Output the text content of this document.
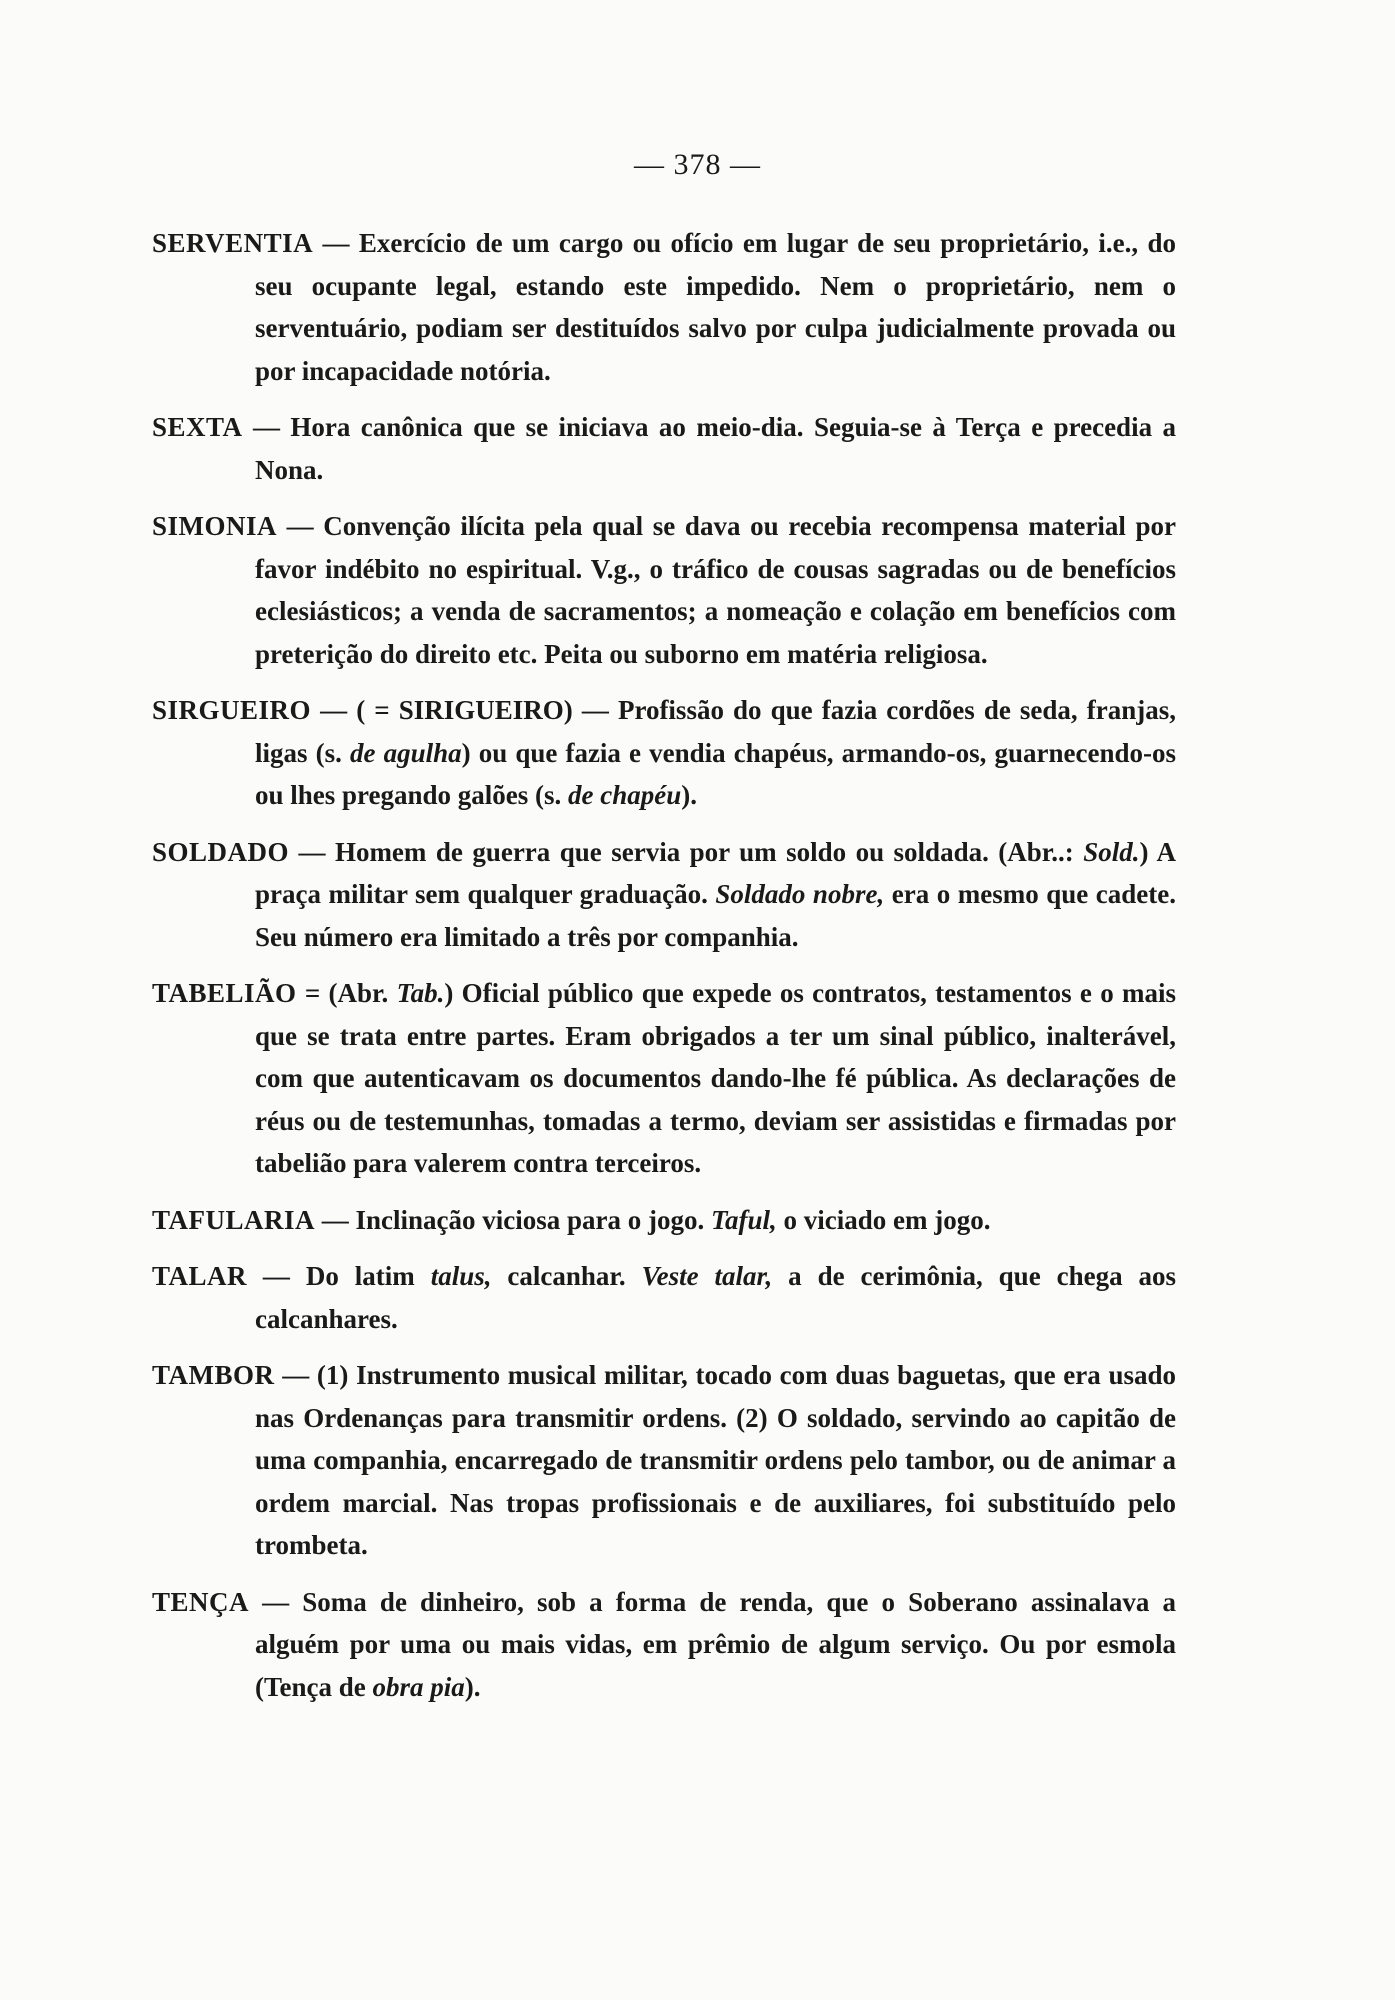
— 378 —

SERVENTIA — Exercício de um cargo ou ofício em lugar de seu proprietário, i.e., do seu ocupante legal, estando este impedido. Nem o proprietário, nem o serventuário, podiam ser destituídos salvo por culpa judicialmente provada ou por incapacidade notória.

SEXTA — Hora canônica que se iniciava ao meio-dia. Seguia-se à Terça e precedia a Nona.

SIMONIA — Convenção ilícita pela qual se dava ou recebia recompensa material por favor indébito no espiritual. V.g., o tráfico de cousas sagradas ou de benefícios eclesiásticos; a venda de sacramentos; a nomeação e colação em benefícios com preterição do direito etc. Peita ou suborno em matéria religiosa.

SIRGUEIRO — ( = SIRIGUEIRO) — Profissão do que fazia cordões de seda, franjas, ligas (s. de agulha) ou que fazia e vendia chapéus, armando-os, guarnecendo-os ou lhes pregando galões (s. de chapéu).

SOLDADO — Homem de guerra que servia por um soldo ou soldada. (Abr..: Sold.) A praça militar sem qualquer graduação. Soldado nobre, era o mesmo que cadete. Seu número era limitado a três por companhia.

TABELIÃO = (Abr. Tab.) Oficial público que expede os contratos, testamentos e o mais que se trata entre partes. Eram obrigados a ter um sinal público, inalterável, com que autenticavam os documentos dando-lhe fé pública. As declarações de réus ou de testemunhas, tomadas a termo, deviam ser assistidas e firmadas por tabelião para valerem contra terceiros.

TAFULARIA — Inclinação viciosa para o jogo. Taful, o viciado em jogo.

TALAR — Do latim talus, calcanhar. Veste talar, a de cerimônia, que chega aos calcanhares.

TAMBOR — (1) Instrumento musical militar, tocado com duas baguetas, que era usado nas Ordenanças para transmitir ordens. (2) O soldado, servindo ao capitão de uma companhia, encarregado de transmitir ordens pelo tambor, ou de animar a ordem marcial. Nas tropas profissionais e de auxiliares, foi substituído pelo trombeta.

TENÇA — Soma de dinheiro, sob a forma de renda, que o Soberano assinalava a alguém por uma ou mais vidas, em prêmio de algum serviço. Ou por esmola (Tença de obra pia).
